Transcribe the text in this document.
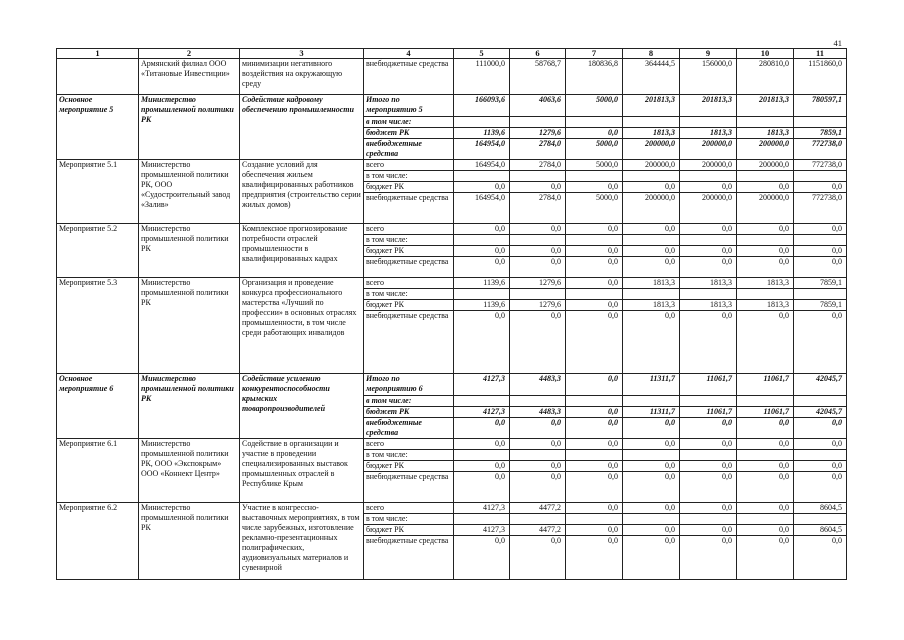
41
1	2	3	4	5	6	7	8	9	10	11
	Армянский филиал ООО «Титановые Инвестиции»	минимизации негативного воздействия на окружающую среду	внебюджетные средства	111000,0	58768,7	180836,8	364444,5	156000,0	280810,0	1151860,0
Основное мероприятие 5	Министерство промышленной политики РК	Содействие кадровому обеспечению промышленности	Итого по мероприятию 5	166093,6	4063,6	5000,0	201813,3	201813,3	201813,3	780597,1
			в том числе:							
			бюджет РК	1139,6	1279,6	0,0	1813,3	1813,3	1813,3	7859,1
			внебюджетные средства	164954,0	2784,0	5000,0	200000,0	200000,0	200000,0	772738,0
Мероприятие 5.1	Министерство промышленной политики РК, ООО «Судостроительный завод «Залив»	Создание условий для обеспечения жильем квалифицированных работников предприятия (строительство серии жилых домов)	всего	164954,0	2784,0	5000,0	200000,0	200000,0	200000,0	772738,0
			в том числе:							
			бюджет РК	0,0	0,0	0,0	0,0	0,0	0,0	0,0
			внебюджетные средства	164954,0	2784,0	5000,0	200000,0	200000,0	200000,0	772738,0
Мероприятие 5.2	Министерство промышленной политики РК	Комплексное прогнозирование потребности отраслей промышленности в квалифицированных кадрах	всего	0,0	0,0	0,0	0,0	0,0	0,0	0,0
			в том числе:							
			бюджет РК	0,0	0,0	0,0	0,0	0,0	0,0	0,0
			внебюджетные средства	0,0	0,0	0,0	0,0	0,0	0,0	0,0
Мероприятие 5.3	Министерство промышленной политики РК	Организация и проведение конкурса профессионального мастерства «Лучший по профессии» в основных отраслях промышленности, в том числе среди работающих инвалидов	всего	1139,6	1279,6	0,0	1813,3	1813,3	1813,3	7859,1
			в том числе:							
			бюджет РК	1139,6	1279,6	0,0	1813,3	1813,3	1813,3	7859,1
			внебюджетные средства	0,0	0,0	0,0	0,0	0,0	0,0	0,0
Основное мероприятие 6	Министерство промышленной политики РК	Содействие усилению конкурентоспособности крымских товаропроизводителей	Итого по мероприятию 6	4127,3	4483,3	0,0	11311,7	11061,7	11061,7	42045,7
			в том числе:							
			бюджет РК	4127,3	4483,3	0,0	11311,7	11061,7	11061,7	42045,7
			внебюджетные средства	0,0	0,0	0,0	0,0	0,0	0,0	0,0
Мероприятие 6.1	Министерство промышленной политики РК, ООО «Экспокрым» ООО «Коннект Центр»	Содействие в организации и участие в проведении специализированных выставок промышленных отраслей в Республике Крым	всего	0,0	0,0	0,0	0,0	0,0	0,0	0,0
			в том числе:							
			бюджет РК	0,0	0,0	0,0	0,0	0,0	0,0	0,0
			внебюджетные средства	0,0	0,0	0,0	0,0	0,0	0,0	0,0
Мероприятие 6.2	Министерство промышленной политики РК	Участие в конгрессно-выставочных мероприятиях, в том числе зарубежных, изготовление рекламно-презентационных полиграфических, аудиовизуальных материалов и сувенирной	всего	4127,3	4477,2	0,0	0,0	0,0	0,0	8604,5
			в том числе:							
			бюджет РК	4127,3	4477,2	0,0	0,0	0,0	0,0	8604,5
			внебюджетные средства	0,0	0,0	0,0	0,0	0,0	0,0	0,0
